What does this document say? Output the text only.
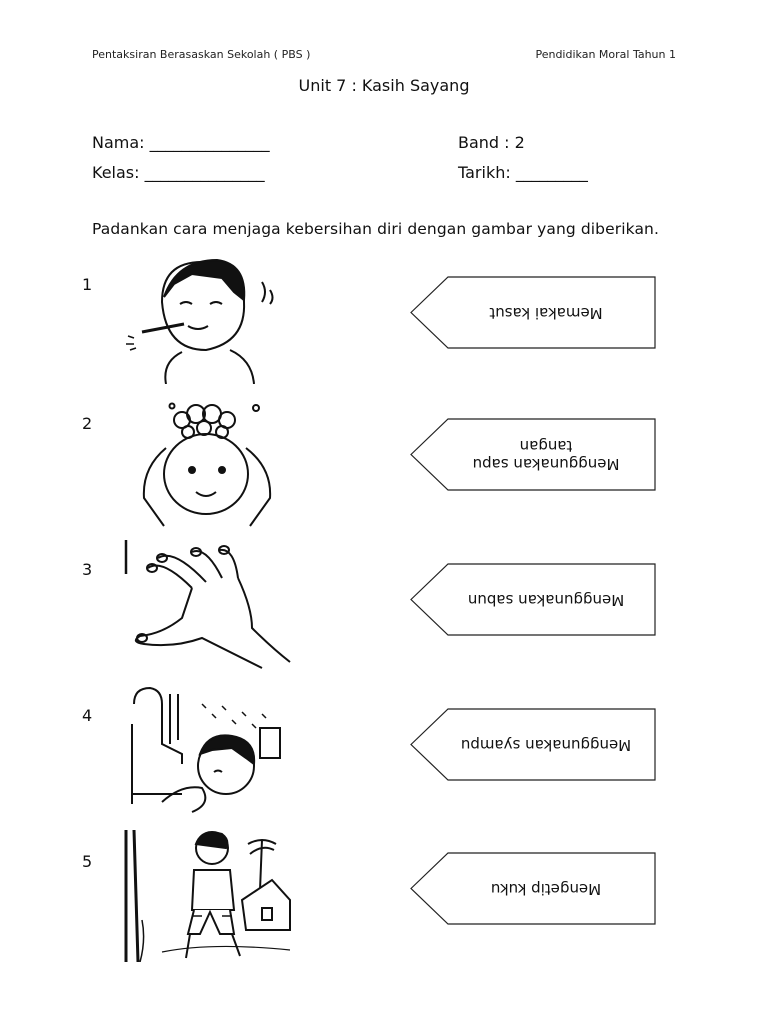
Pentaksiran Berasaskan Sekolah ( PBS )	Pendidikan Moral Tahun 1
Unit 7 : Kasih Sayang
Nama: _______________
Kelas: _______________
Band : 2
Tarikh: _________
Padankan cara menjaga kebersihan diri dengan gambar yang diberikan.
1
Memakai kasut
2
Menggunakan sapu
tangan
3
Menggunakan sabun
4
Menggunakan syampu
5
Mengetip kuku
